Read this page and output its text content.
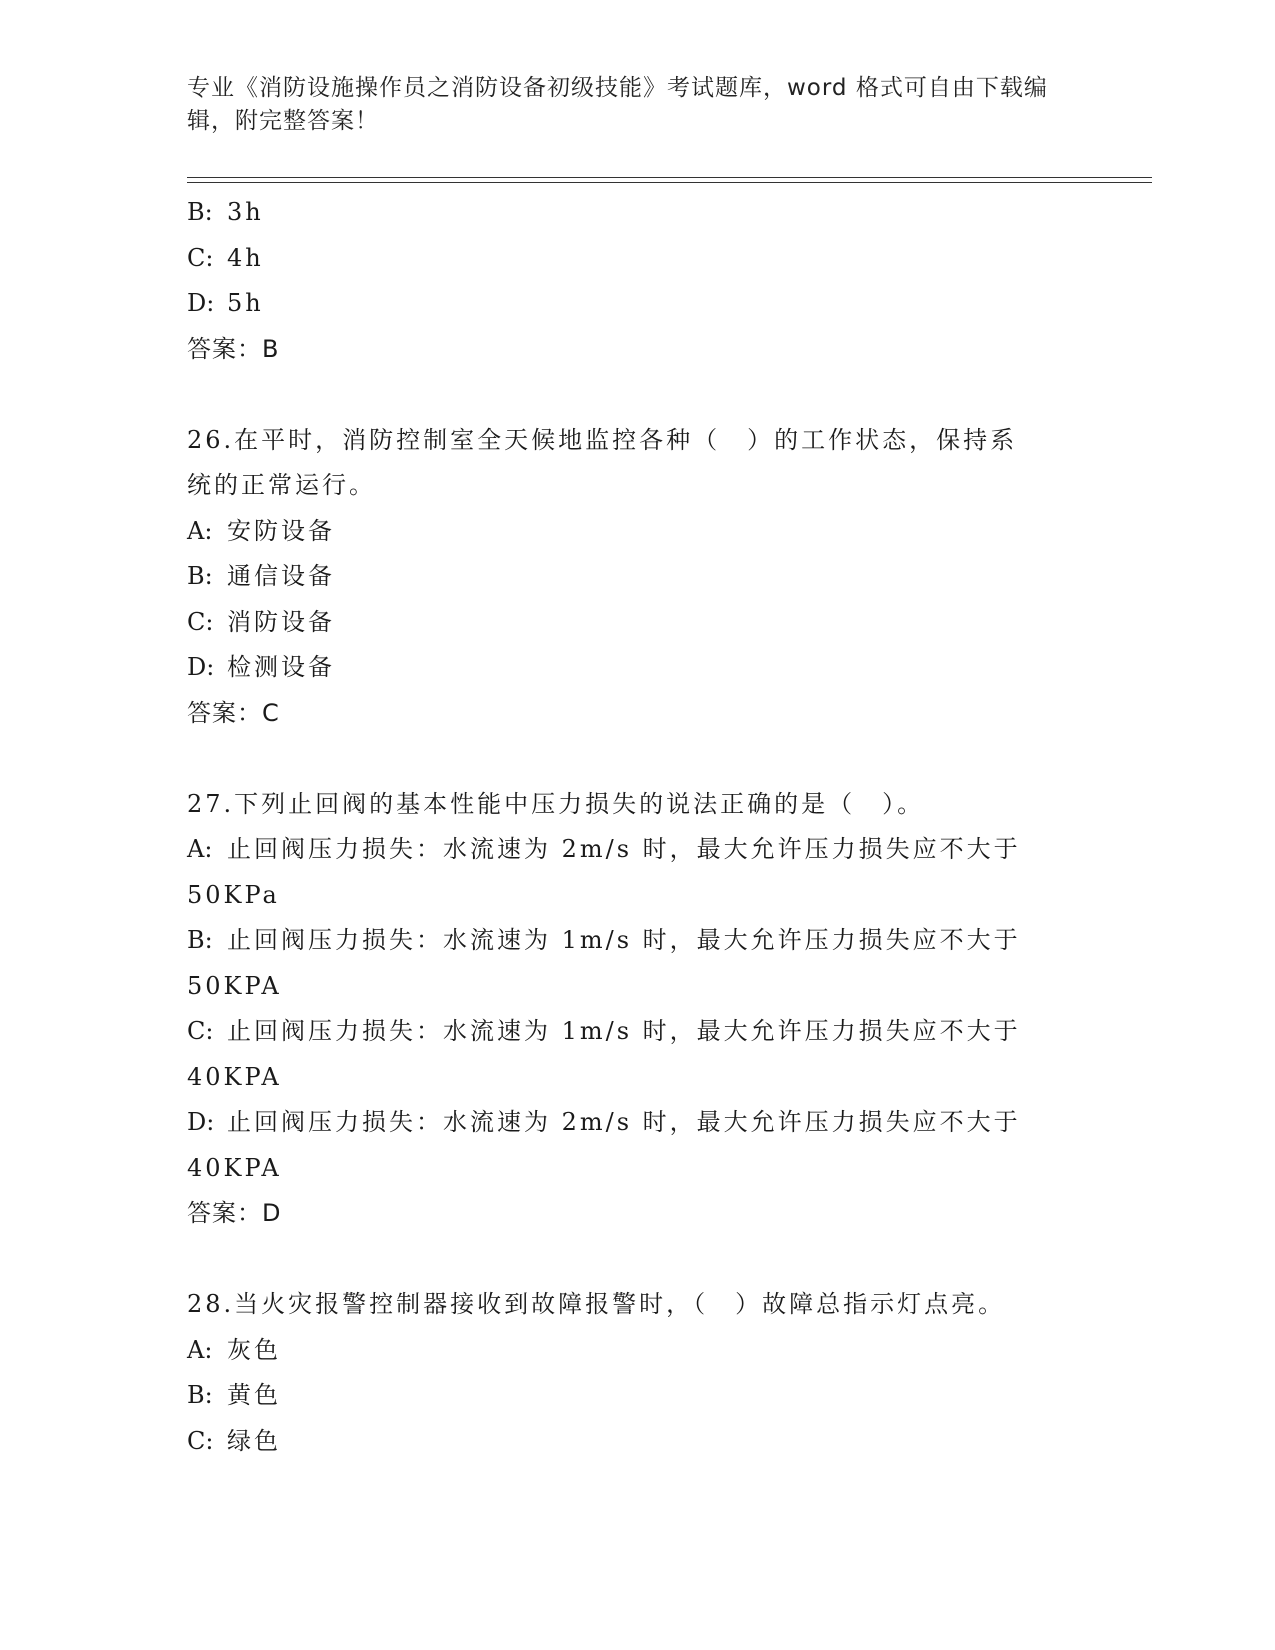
专业《消防设施操作员之消防设备初级技能》考试题库，word 格式可自由下载编
辑，附完整答案！
B: 3h
C: 4h
D: 5h
答案：B
26.在平时，消防控制室全天候地监控各种（　）的工作状态，保持系
统的正常运行。
A: 安防设备
B: 通信设备
C: 消防设备
D: 检测设备
答案：C
27.下列止回阀的基本性能中压力损失的说法正确的是（　）。
A: 止回阀压力损失：水流速为 2m/s 时，最大允许压力损失应不大于
50KPa
B: 止回阀压力损失：水流速为 1m/s 时，最大允许压力损失应不大于
50KPA
C: 止回阀压力损失：水流速为 1m/s 时，最大允许压力损失应不大于
40KPA
D: 止回阀压力损失：水流速为 2m/s 时，最大允许压力损失应不大于
40KPA
答案：D
28.当火灾报警控制器接收到故障报警时，（　）故障总指示灯点亮。
A: 灰色
B: 黄色
C: 绿色
